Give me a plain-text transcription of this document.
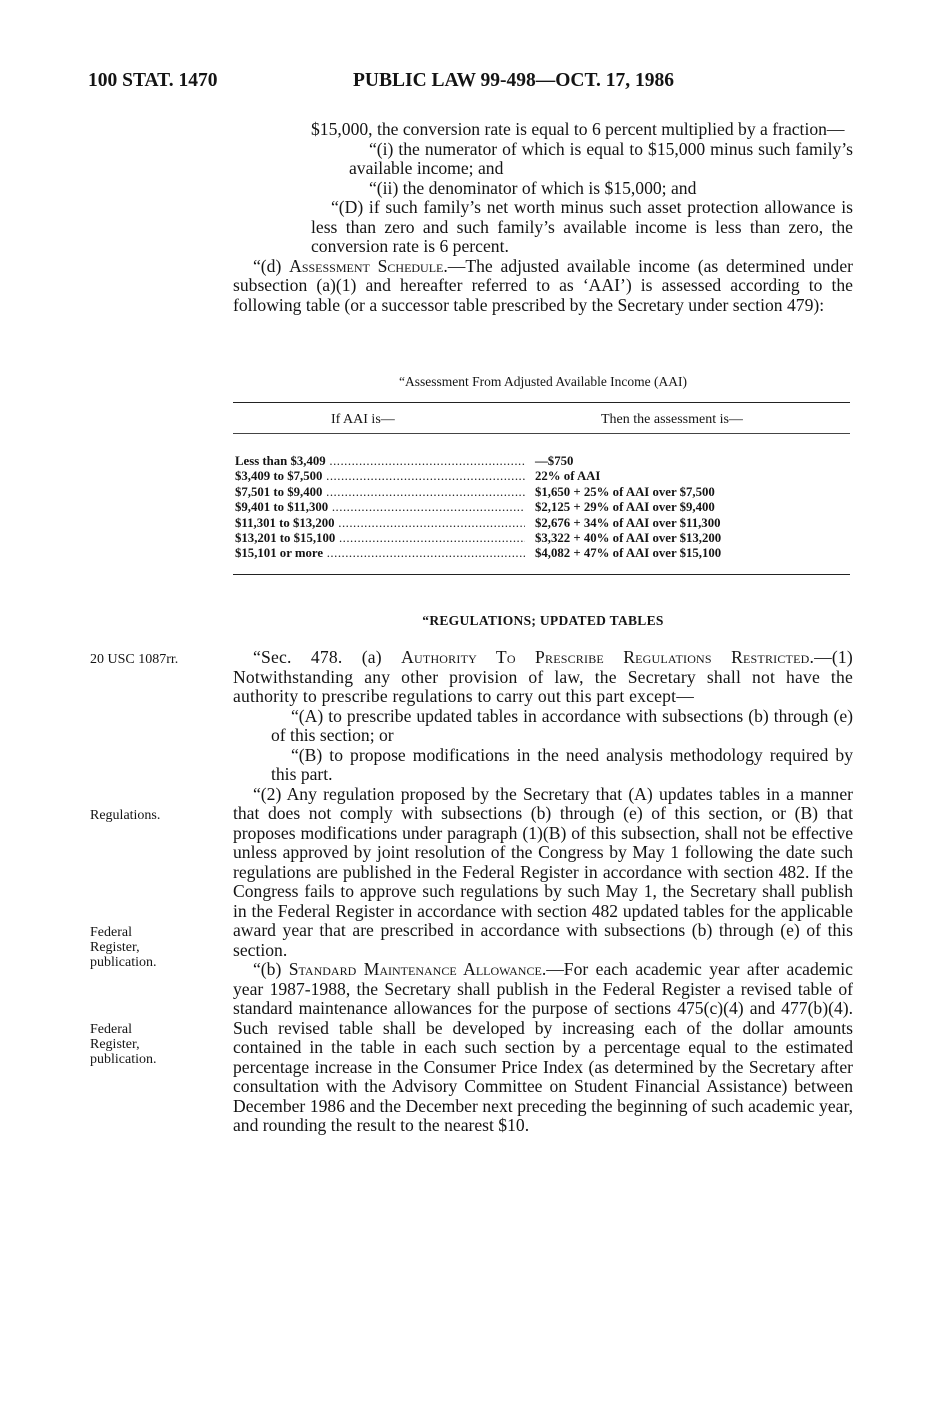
100 STAT. 1470	PUBLIC LAW 99-498—OCT. 17, 1986

$15,000, the conversion rate is equal to 6 percent multiplied by a fraction—

“(i) the numerator of which is equal to $15,000 minus such family’s available income; and

“(ii) the denominator of which is $15,000; and

“(D) if such family’s net worth minus such asset protection allowance is less than zero and such family’s available income is less than zero, the conversion rate is 6 percent.

“(d) Assessment Schedule.—The adjusted available income (as determined under subsection (a)(1) and hereafter referred to as ‘AAI’) is assessed according to the following table (or a successor table prescribed by the Secretary under section 479):

“Assessment From Adjusted Available Income (AAI)
If AAI is—	Then the assessment is—
Less than $3,409 .....	—$750
$3,409 to $7,500 .....	22% of AAI
$7,501 to $9,400 .....	$1,650 + 25% of AAI over $7,500
$9,401 to $11,300 .....	$2,125 + 29% of AAI over $9,400
$11,301 to $13,200 .....	$2,676 + 34% of AAI over $11,300
$13,201 to $15,100 .....	$3,322 + 40% of AAI over $13,200
$15,101 or more .....	$4,082 + 47% of AAI over $15,100
“REGULATIONS; UPDATED TABLES
20 USC 1087rr.
Regulations.
Federal Register, publication.
Federal Register, publication.

“Sec. 478. (a) Authority To Prescribe Regulations Restricted.—(1) Notwithstanding any other provision of law, the Secretary shall not have the authority to prescribe regulations to carry out this part except—

“(A) to prescribe updated tables in accordance with subsections (b) through (e) of this section; or

“(B) to propose modifications in the need analysis methodology required by this part.

“(2) Any regulation proposed by the Secretary that (A) updates tables in a manner that does not comply with subsections (b) through (e) of this section, or (B) that proposes modifications under paragraph (1)(B) of this subsection, shall not be effective unless approved by joint resolution of the Congress by May 1 following the date such regulations are published in the Federal Register in accordance with section 482. If the Congress fails to approve such regulations by such May 1, the Secretary shall publish in the Federal Register in accordance with section 482 updated tables for the applicable award year that are prescribed in accordance with subsections (b) through (e) of this section.

“(b) Standard Maintenance Allowance.—For each academic year after academic year 1987-1988, the Secretary shall publish in the Federal Register a revised table of standard maintenance allowances for the purpose of sections 475(c)(4) and 477(b)(4). Such revised table shall be developed by increasing each of the dollar amounts contained in the table in each such section by a percentage equal to the estimated percentage increase in the Consumer Price Index (as determined by the Secretary after consultation with the Advisory Committee on Student Financial Assistance) between December 1986 and the December next preceding the beginning of such academic year, and rounding the result to the nearest $10.
